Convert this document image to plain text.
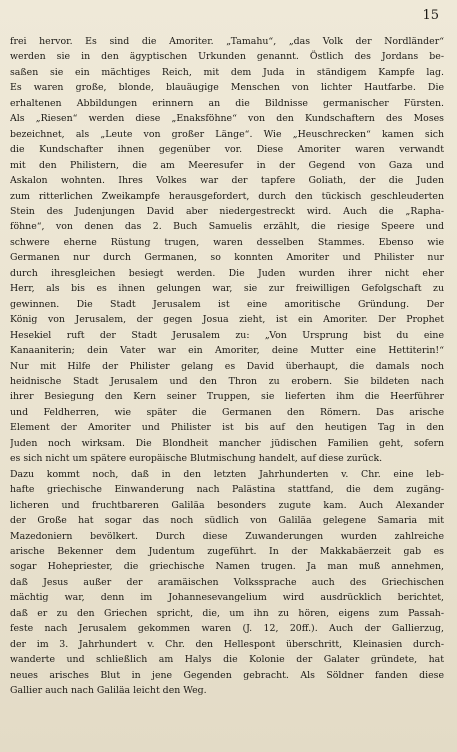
15
frei hervor. Es sind die Amoriter. „Tamahu“, „das Volk der Nordländer“
werden sie in den ägyptischen Urkunden genannt. Östlich des Jordans be-
saßen sie ein mächtiges Reich, mit dem Juda in ständigem Kampfe lag.
Es waren große, blonde, blauäugige Menschen von lichter Hautfarbe. Die
erhaltenen Abbildungen erinnern an die Bildnisse germanischer Fürsten.
Als „Riesen“ werden diese „Enaksföhne“ von den Kundschaftern des Moses
bezeichnet, als „Leute von großer Länge“. Wie „Heuschrecken“ kamen sich
die Kundschafter ihnen gegenüber vor. Diese Amoriter waren verwandt
mit den Philistern, die am Meeresufer in der Gegend von Gaza und
Askalon wohnten. Ihres Volkes war der tapfere Goliath, der die Juden
zum ritterlichen Zweikampfe herausgefordert, durch den tückisch geschleuderten
Stein des Judenjungen David aber niedergestreckt wird. Auch die „Rapha-
föhne“, von denen das 2. Buch Samuelis erzählt, die riesige Speere und
schwere eherne Rüstung trugen, waren desselben Stammes. Ebenso wie
Germanen nur durch Germanen, so konnten Amoriter und Philister nur
durch ihresgleichen besiegt werden. Die Juden wurden ihrer nicht eher
Herr, als bis es ihnen gelungen war, sie zur freiwilligen Gefolgschaft zu
gewinnen. Die Stadt Jerusalem ist eine amoritische Gründung. Der
König von Jerusalem, der gegen Josua zieht, ist ein Amoriter. Der Prophet
Hesekiel ruft der Stadt Jerusalem zu: „Von Ursprung bist du eine
Kanaaniterin; dein Vater war ein Amoriter, deine Mutter eine Hettiterin!“
Nur mit Hilfe der Philister gelang es David überhaupt, die damals noch
heidnische Stadt Jerusalem und den Thron zu erobern. Sie bildeten nach
ihrer Besiegung den Kern seiner Truppen, sie lieferten ihm die Heerführer
und Feldherren, wie später die Germanen den Römern. Das arische
Element der Amoriter und Philister ist bis auf den heutigen Tag in den
Juden noch wirksam. Die Blondheit mancher jüdischen Familien geht, sofern
es sich nicht um spätere europäische Blutmischung handelt, auf diese zurück.
Dazu kommt noch, daß in den letzten Jahrhunderten v. Chr. eine leb-
hafte griechische Einwanderung nach Palästina stattfand, die dem zugäng-
licheren und fruchtbareren Galiläa besonders zugute kam. Auch Alexander
der Große hat sogar das noch südlich von Galiläa gelegene Samaria mit
Mazedoniern bevölkert. Durch diese Zuwanderungen wurden zahlreiche
arische Bekenner dem Judentum zugeführt. In der Makkabäerzeit gab es
sogar Hohepriester, die griechische Namen trugen. Ja man muß annehmen,
daß Jesus außer der aramäischen Volkssprache auch des Griechischen
mächtig war, denn im Johannesevangelium wird ausdrücklich berichtet,
daß er zu den Griechen spricht, die, um ihn zu hören, eigens zum Passah-
feste nach Jerusalem gekommen waren (J. 12, 20ff.). Auch der Gallierzug,
der im 3. Jahrhundert v. Chr. den Hellespont überschritt, Kleinasien durch-
wanderte und schließlich am Halys die Kolonie der Galater gründete, hat
neues arisches Blut in jene Gegenden gebracht. Als Söldner fanden diese
Gallier auch nach Galiläa leicht den Weg.
